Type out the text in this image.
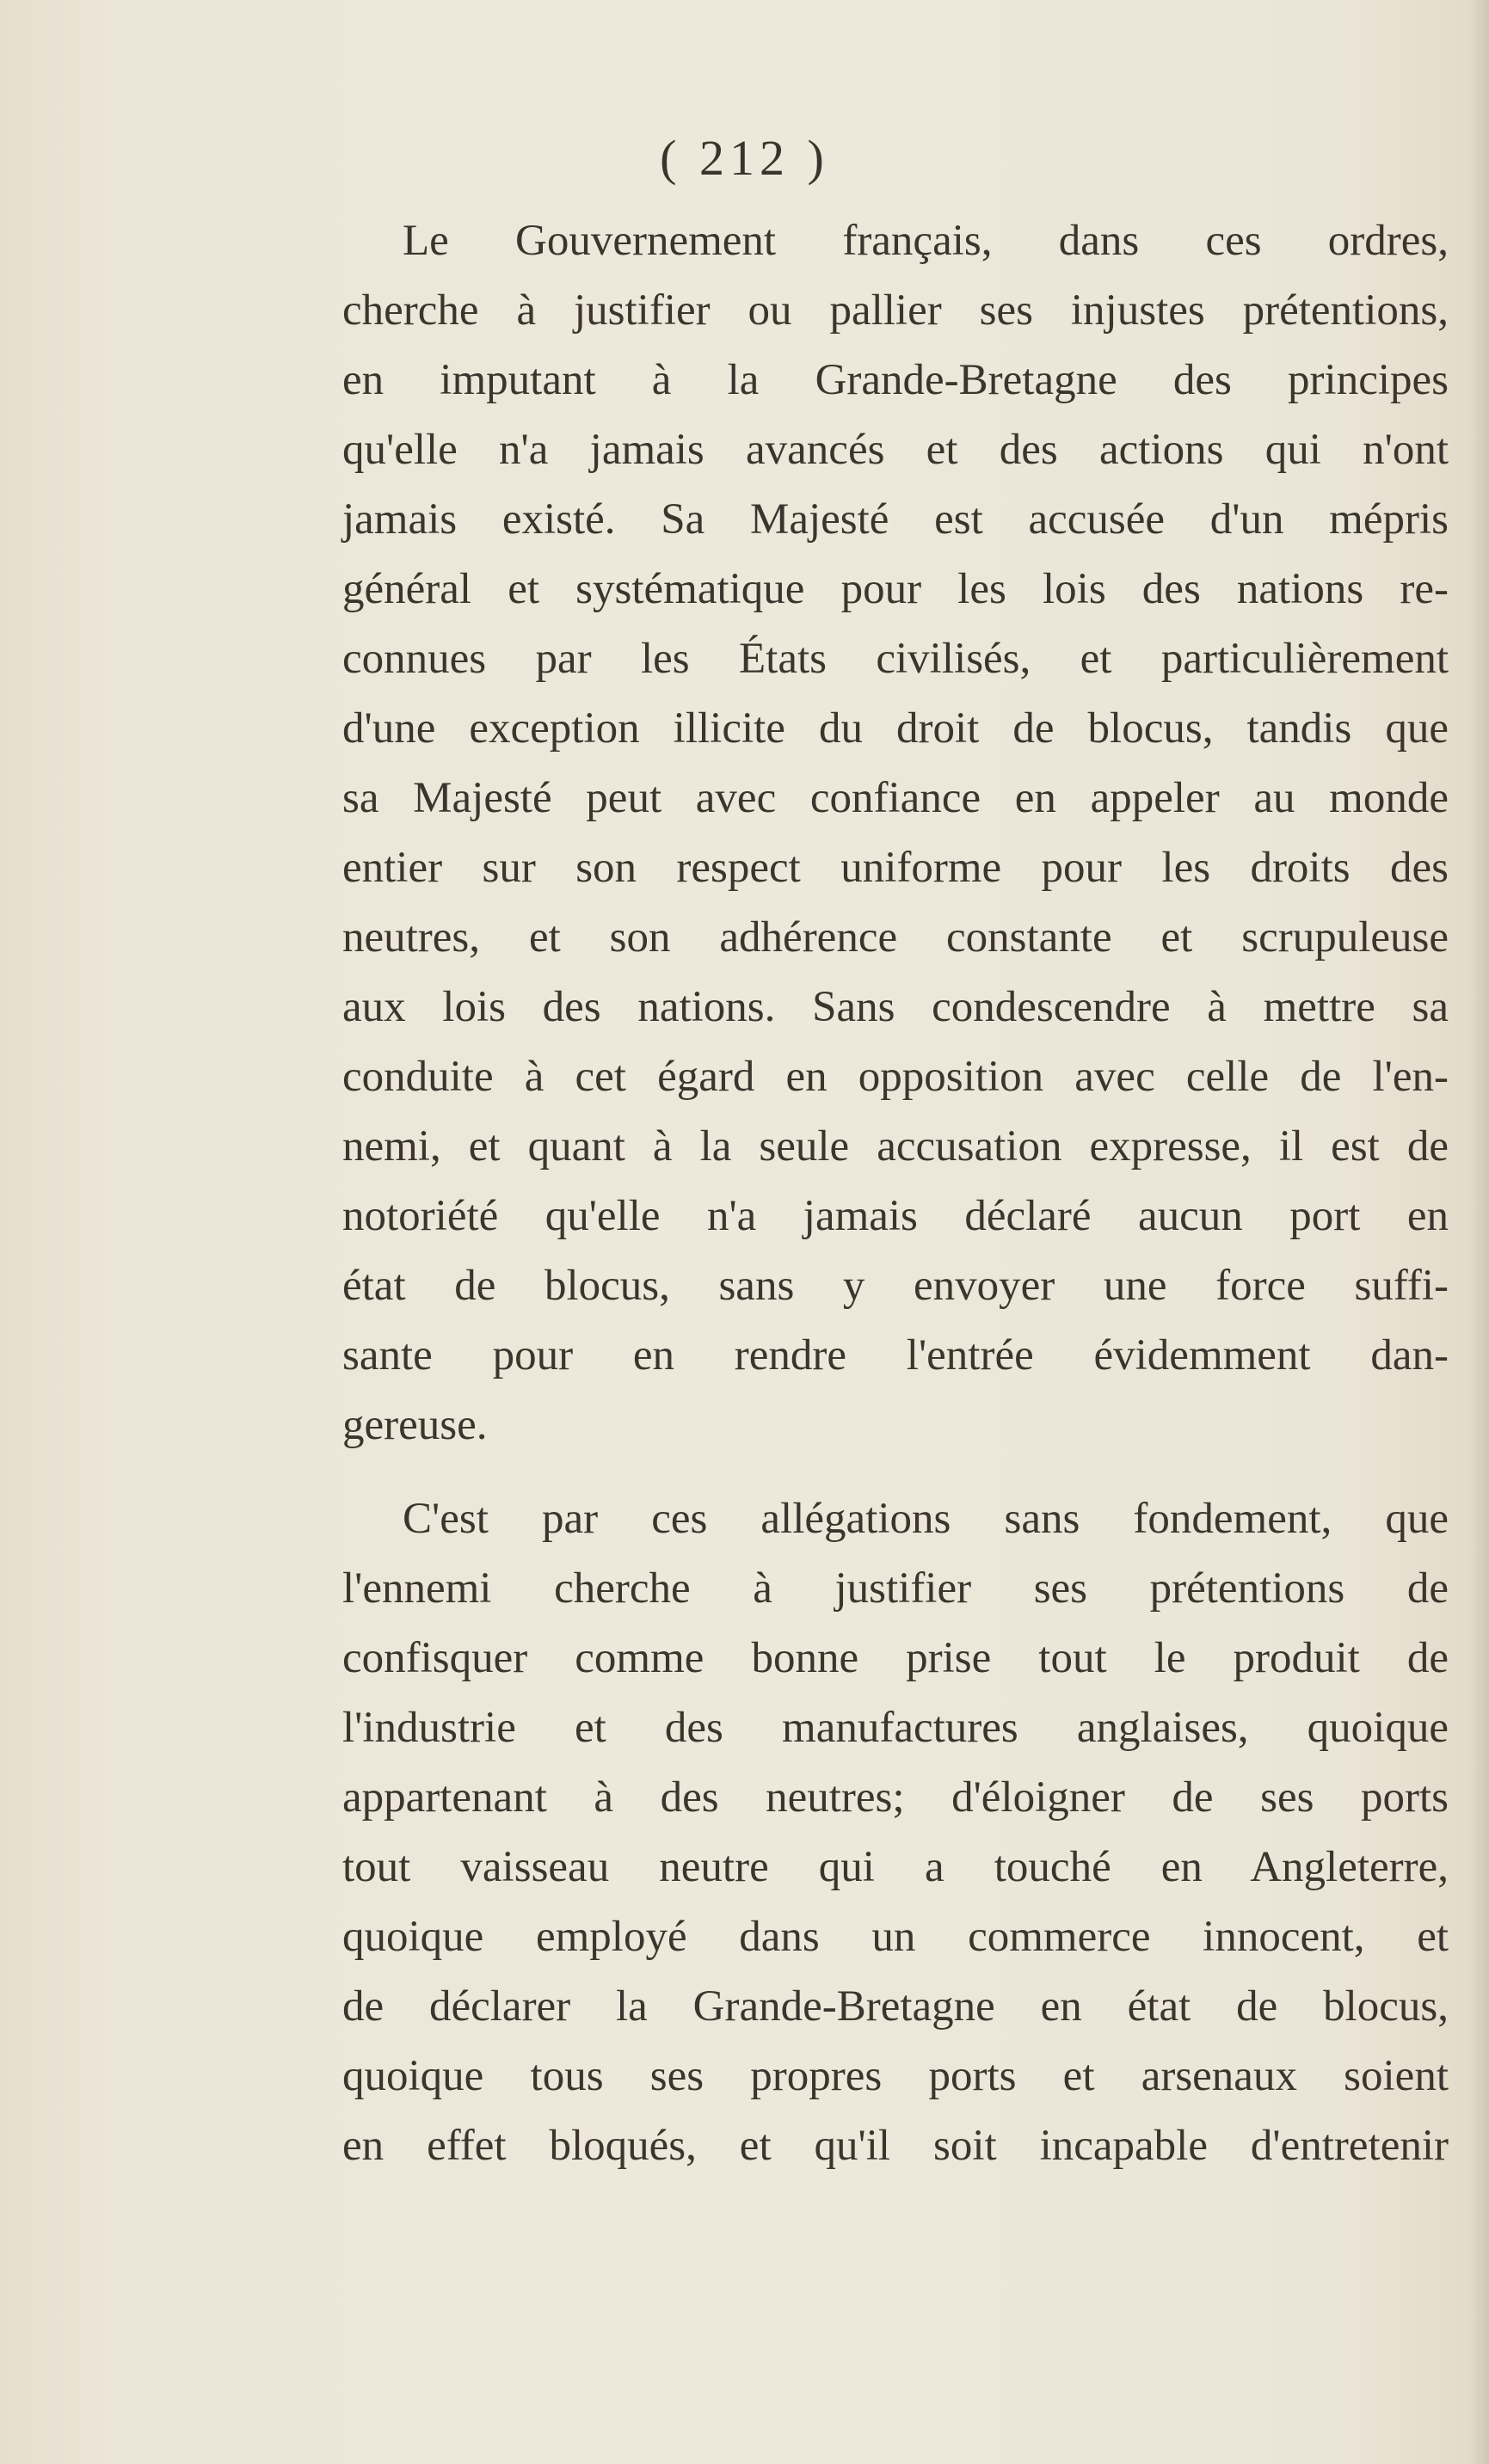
( 212 )
Le Gouvernement français, dans ces ordres,
cherche à justifier ou pallier ses injustes prétentions,
en imputant à la Grande-Bretagne des principes
qu'elle n'a jamais avancés et des actions qui n'ont
jamais existé. Sa Majesté est accusée d'un mépris
général et systématique pour les lois des nations re-
connues par les États civilisés, et particulièrement
d'une exception illicite du droit de blocus, tandis que
sa Majesté peut avec confiance en appeler au monde
entier sur son respect uniforme pour les droits des
neutres, et son adhérence constante et scrupuleuse
aux lois des nations. Sans condescendre à mettre sa
conduite à cet égard en opposition avec celle de l'en-
nemi, et quant à la seule accusation expresse, il est de
notoriété qu'elle n'a jamais déclaré aucun port en
état de blocus, sans y envoyer une force suffi-
sante pour en rendre l'entrée évidemment dan-
gereuse.
C'est par ces allégations sans fondement, que
l'ennemi cherche à justifier ses prétentions de
confisquer comme bonne prise tout le produit de
l'industrie et des manufactures anglaises, quoique
appartenant à des neutres; d'éloigner de ses ports
tout vaisseau neutre qui a touché en Angleterre,
quoique employé dans un commerce innocent, et
de déclarer la Grande-Bretagne en état de blocus,
quoique tous ses propres ports et arsenaux soient
en effet bloqués, et qu'il soit incapable d'entretenir
